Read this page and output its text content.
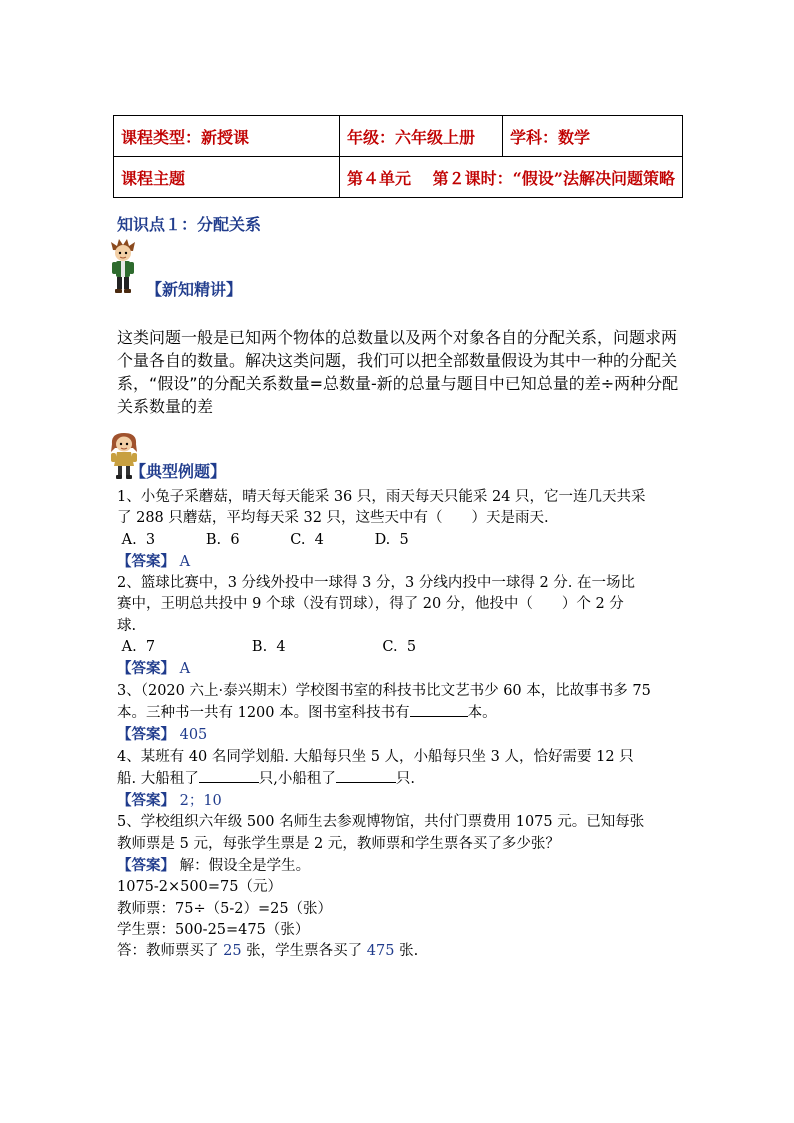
课程类型：新授课	年级：六年级上册	学科：数学
课程主题	第４单元　 第２课时：“假设”法解决问题策略	
知识点１：分配关系
【新知精讲】
这类问题一般是已知两个物体的总数量以及两个对象各自的分配关系，问题求两个量各自的数量。解决这类问题，我们可以把全部数量假设为其中一种的分配关系，“假设”的分配关系数量=总数量-新的总量与题目中已知总量的差÷两种分配关系数量的差
【典型例题】
1、小兔子采蘑菇，晴天每天能采 36 只，雨天每天只能采 24 只，它一连几天共采
了 288 只蘑菇，平均每天采 32 只，这些天中有（　　）天是雨天.
A.  3           B.  6           C.  4           D.  5
【答案】 A
2、篮球比赛中，3 分线外投中一球得 3 分，3 分线内投中一球得 2 分. 在一场比
赛中，王明总共投中 9 个球（没有罚球），得了 20 分，他投中（　　）个 2 分
球.
A.  7                     B.  4                     C.  5
【答案】 A
3、（2020 六上·泰兴期末）学校图书室的科技书比文艺书少 60 本，比故事书多 75
本。三种书一共有 1200 本。图书室科技书有	本。
【答案】 405
4、某班有 40 名同学划船. 大船每只坐 5 人，小船每只坐 3 人，恰好需要 12 只
船. 大船租了	只,小船租了	只.
【答案】 2；10
5、学校组织六年级 500 名师生去参观博物馆，共付门票费用 1075 元。已知每张
教师票是 5 元，每张学生票是 2 元，教师票和学生票各买了多少张？
【答案】 解：假设全是学生。
1075-2×500=75（元）
教师票：75÷（5-2）=25（张）
学生票：500-25=475（张）
答：教师票买了 25 张，学生票各买了 475 张.
